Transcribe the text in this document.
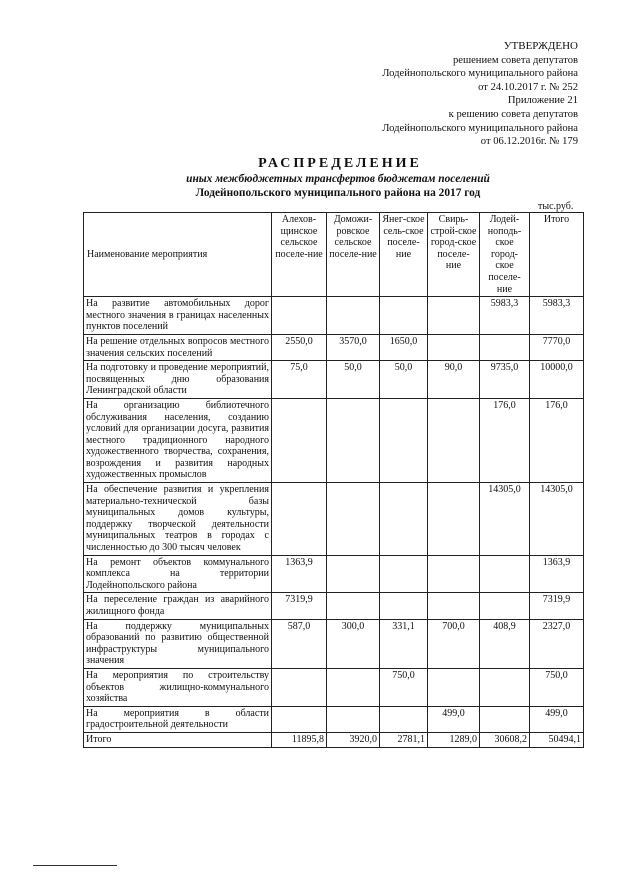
УТВЕРЖДЕНО
решением совета депутатов
Лодейнопольского муниципального района
от 24.10.2017 г. № 252
Приложение 21
к решению совета депутатов
Лодейнопольского муниципального района
от 06.12.2016г. № 179
РАСПРЕДЕЛЕНИЕ
иных межбюджетных трансфертов бюджетам поселений
Лодейнопольского муниципального района на 2017 год
тыс.руб.
Наименование мероприятия	Алехов-щинское сельское поселе-ние	Доможи-ровское сельское поселе-ние	Янег-ское сель-ское поселе-ние	Свирь-строй-ское город-ское поселе-ние	Лодей-ноподь-ское город-ское поселе-ние	Итого
На развитие автомобильных дорог местного значения в границах населенных пунктов поселений					5983,3	5983,3
На решение отдельных вопросов местного значения сельских поселений	2550,0	3570,0	1650,0			7770,0
На подготовку и проведение мероприятий, посвященных дню образования Ленинградской области	75,0	50,0	50,0	90,0	9735,0	10000,0
На организацию библиотечного обслуживания населения, созданию условий для организации досуга, развития местного традиционного народного художественного творчества, сохранения, возрождения и развития народных художественных промыслов					176,0	176,0
На обеспечение развития и укрепления материально-технической базы муниципальных домов культуры, поддержку творческой деятельности муниципальных театров в городах с численностью до 300 тысяч человек					14305,0	14305,0
На ремонт объектов коммунального комплекса на территории Лодейнопольского района	1363,9					1363,9
На переселение граждан из аварийного жилищного фонда	7319,9					7319,9
На поддержку муниципальных образований по развитию общественной инфраструктуры муниципального значения	587,0	300,0	331,1	700,0	408,9	2327,0
На мероприятия по строительству объектов жилищно-коммунального хозяйства			750,0			750,0
На мероприятия в области градостроительной деятельности				499,0		499,0
Итого	11895,8	3920,0	2781,1	1289,0	30608,2	50494,1
